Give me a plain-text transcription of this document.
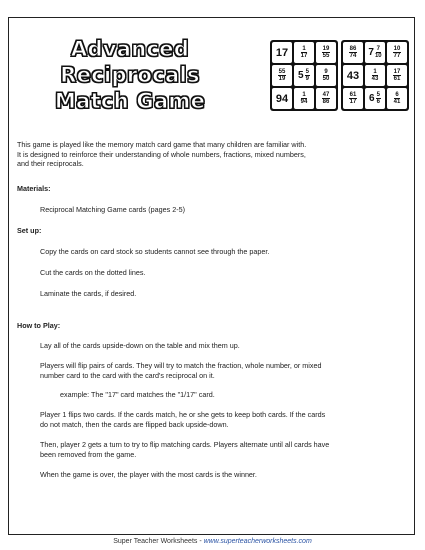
Advanced
Reciprocals
Match Game
$17 \frac{1}{17} \frac{19}{55}$
$\frac{55}{19} 5 \frac{5}{9} \frac{9}{50}$
$94 \frac{1}{94} \frac{47}{86}$
$\frac{86}{74} 7 \frac{7}{10} \frac{10}{77}$
$43 \frac{1}{43} \frac{17}{61}$
$\frac{61}{17} 6 \frac{5}{6} \frac{6}{41}$
This game is played like the memory match card game that many children are familiar with.
It is designed to reinforce their understanding of whole numbers, fractions, mixed numbers,
and their reciprocals.
Materials:
Reciprocal Matching Game cards (pages 2-5)
Set up:
Copy the cards on card stock so students cannot see through the paper.
Cut the cards on the dotted lines.
Laminate the cards, if desired.
How to Play:
Lay all of the cards upside-down on the table and mix them up.
Players will flip pairs of cards. They will try to match the fraction, whole number, or mixed
number card to the card with the card's reciprocal on it.
example: The "17" card matches the "1/17" card.
Player 1 flips two cards. If the cards match, he or she gets to keep both cards. If the cards
do not match, then the cards are flipped back upside-down.
Then, player 2 gets a turn to try to flip matching cards. Players alternate until all cards have
been removed from the game.
When the game is over, the player with the most cards is the winner.
Super Teacher Worksheets - www.superteacherworksheets.com
